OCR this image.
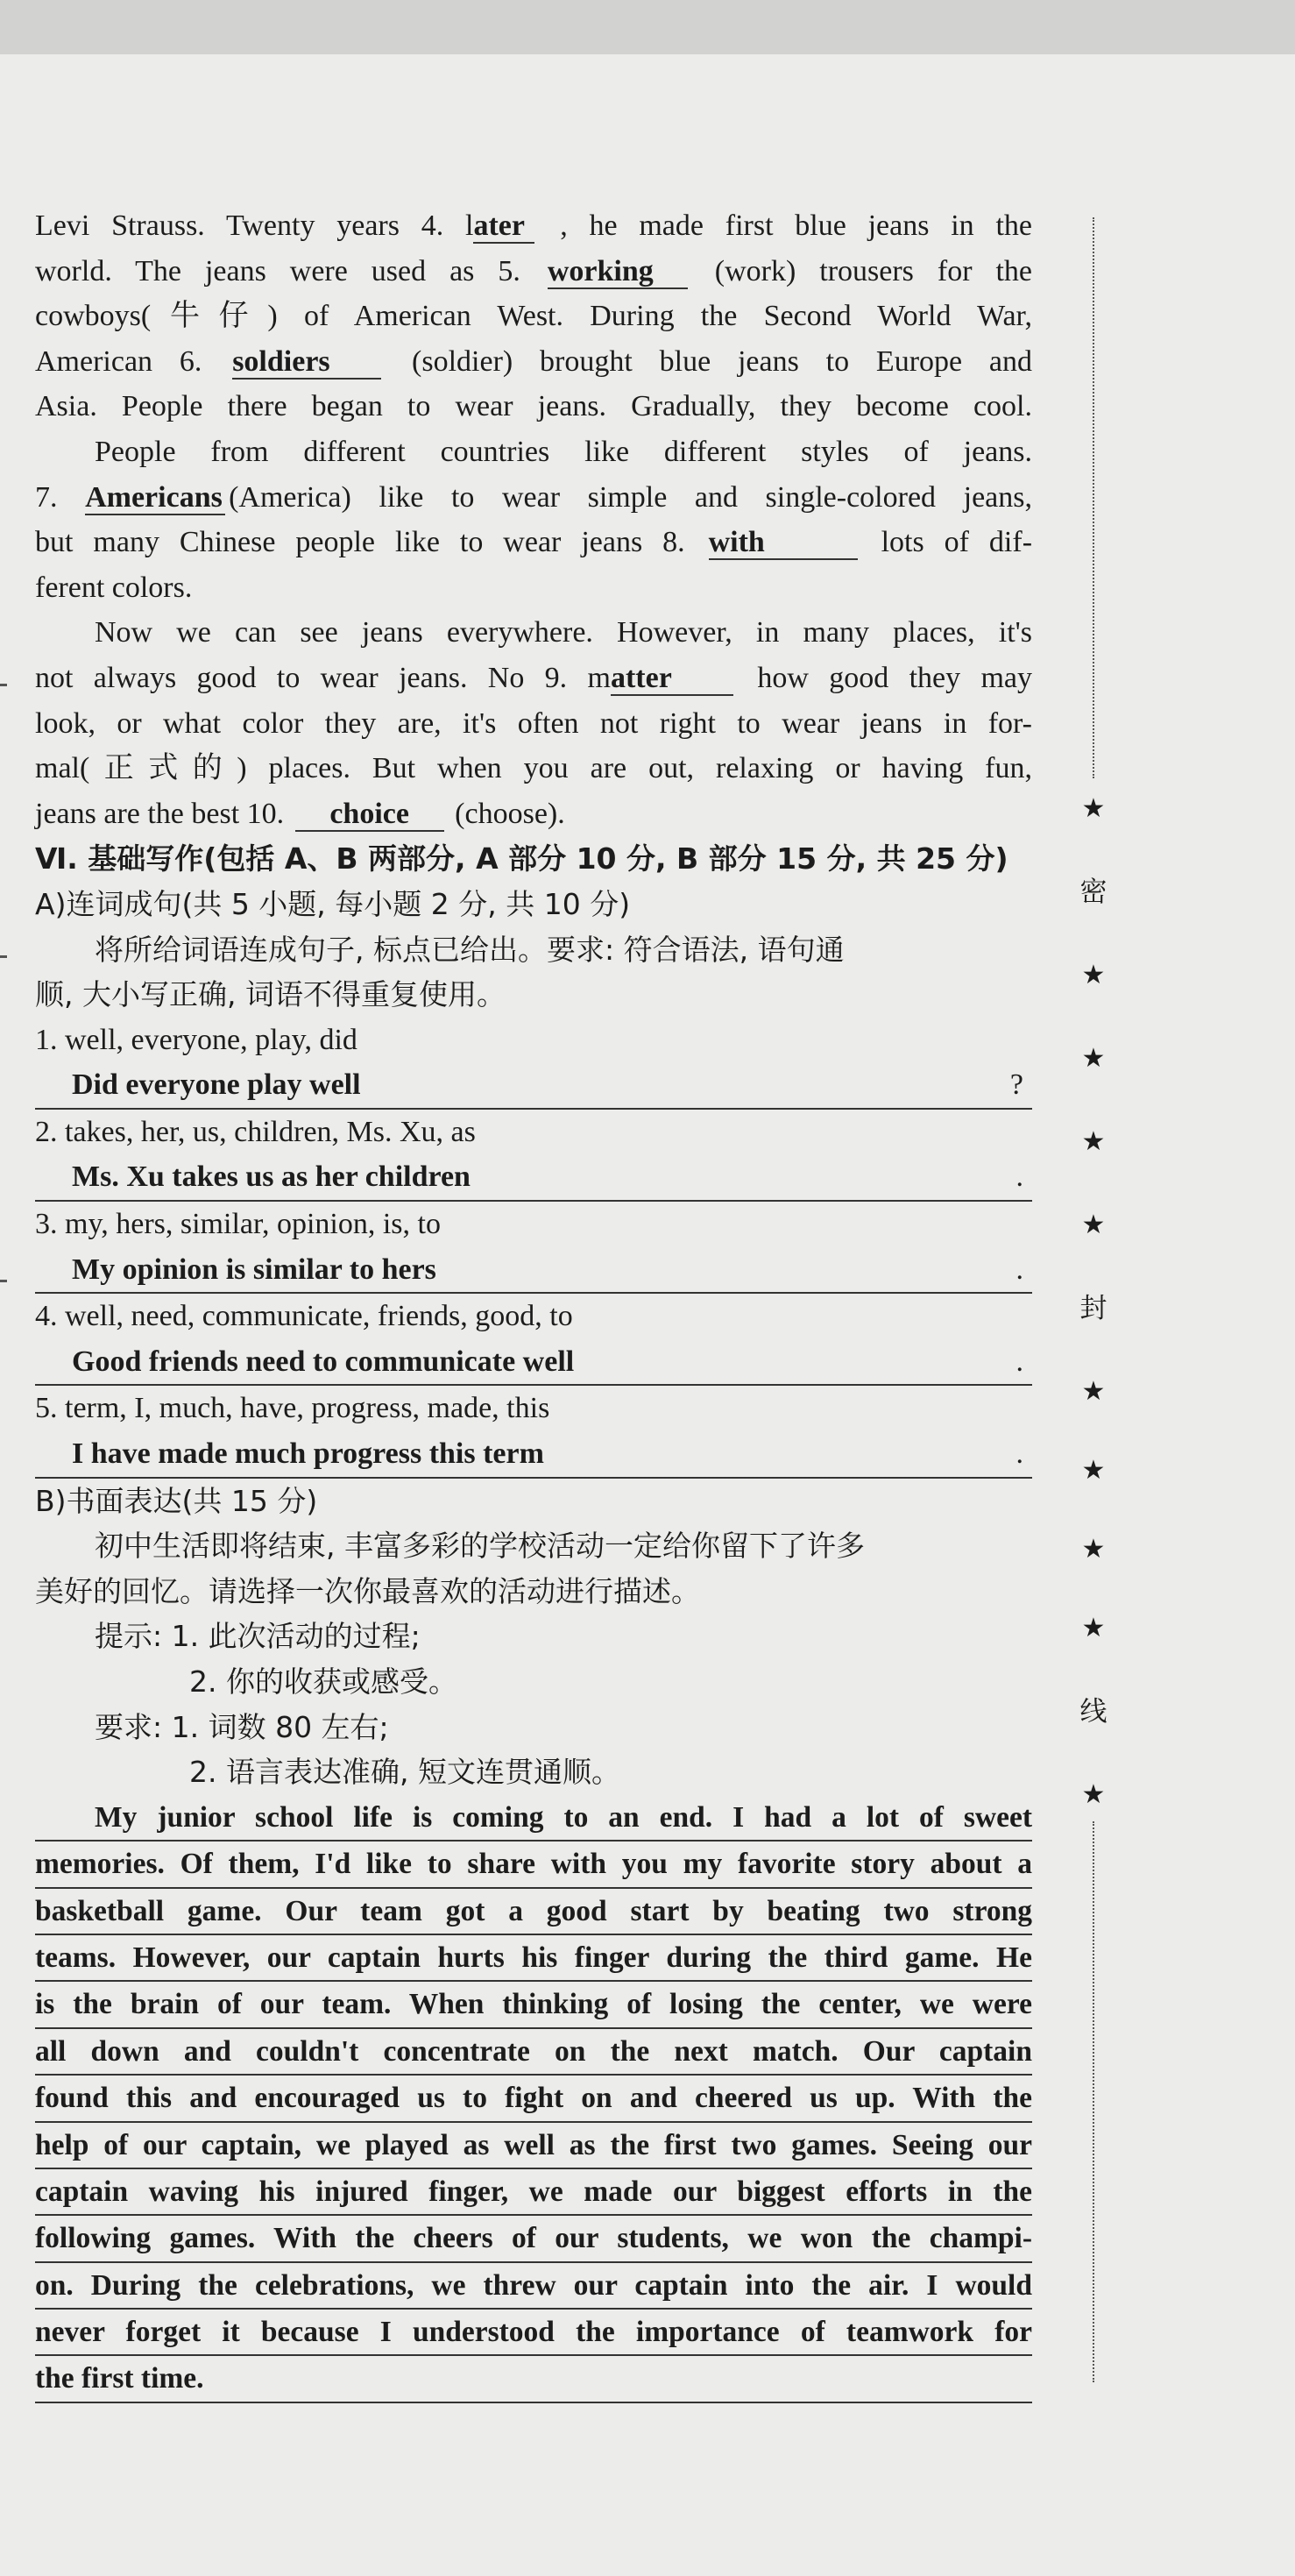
Levi Strauss. Twenty years 4. later , he made first blue jeans in the
world. The jeans were used as 5. working (work) trousers for the
cowboys(牛仔) of American West. During the Second World War,
American 6. soldiers	(soldier) brought blue jeans to Europe and
Asia. People there began to wear jeans. Gradually, they become cool.
People from different countries like different styles of jeans.
7. Americans (America) like to wear simple and single-colored jeans,
but many Chinese people like to wear jeans 8. with	lots of dif-
ferent colors.
Now we can see jeans everywhere. However, in many places, it's
not always good to wear jeans. No 9. matter	how good they may
look, or what color they are, it's often not right to wear jeans in for-
mal(正式的) places. But when you are out, relaxing or having fun,
jeans are the best 10. choice (choose).
Ⅵ. 基础写作(包括 A、B 两部分, A 部分 10 分, B 部分 15 分, 共 25 分)
A)连词成句(共 5 小题, 每小题 2 分, 共 10 分)
将所给词语连成句子, 标点已给出。要求: 符合语法, 语句通
顺, 大小写正确, 词语不得重复使用。
1. well, everyone, play, did
Did everyone play well	?
2. takes, her, us, children, Ms. Xu, as
Ms. Xu takes us as her children	.
3. my, hers, similar, opinion, is, to
My opinion is similar to hers	.
4. well, need, communicate, friends, good, to
Good friends need to communicate well	.
5. term, I, much, have, progress, made, this
I have made much progress this term	.
B)书面表达(共 15 分)
初中生活即将结束, 丰富多彩的学校活动一定给你留下了许多
美好的回忆。请选择一次你最喜欢的活动进行描述。
提示: 1. 此次活动的过程;
2. 你的收获或感受。
要求: 1. 词数 80 左右;
2. 语言表达准确, 短文连贯通顺。
My junior school life is coming to an end. I had a lot of sweet
memories. Of them, I'd like to share with you my favorite story about a
basketball game. Our team got a good start by beating two strong
teams. However, our captain hurts his finger during the third game. He
is the brain of our team. When thinking of losing the center, we were
all down and couldn't concentrate on the next match. Our captain
found this and encouraged us to fight on and cheered us up. With the
help of our captain, we played as well as the first two games. Seeing our
captain waving his injured finger, we made our biggest efforts in the
following games. With the cheers of our students, we won the champi-
on. During the celebrations, we threw our captain into the air. I would
never forget it because I understood the importance of teamwork for
the first time.
★
密
★
★
★
★
封
★
★
★
★
线
★
